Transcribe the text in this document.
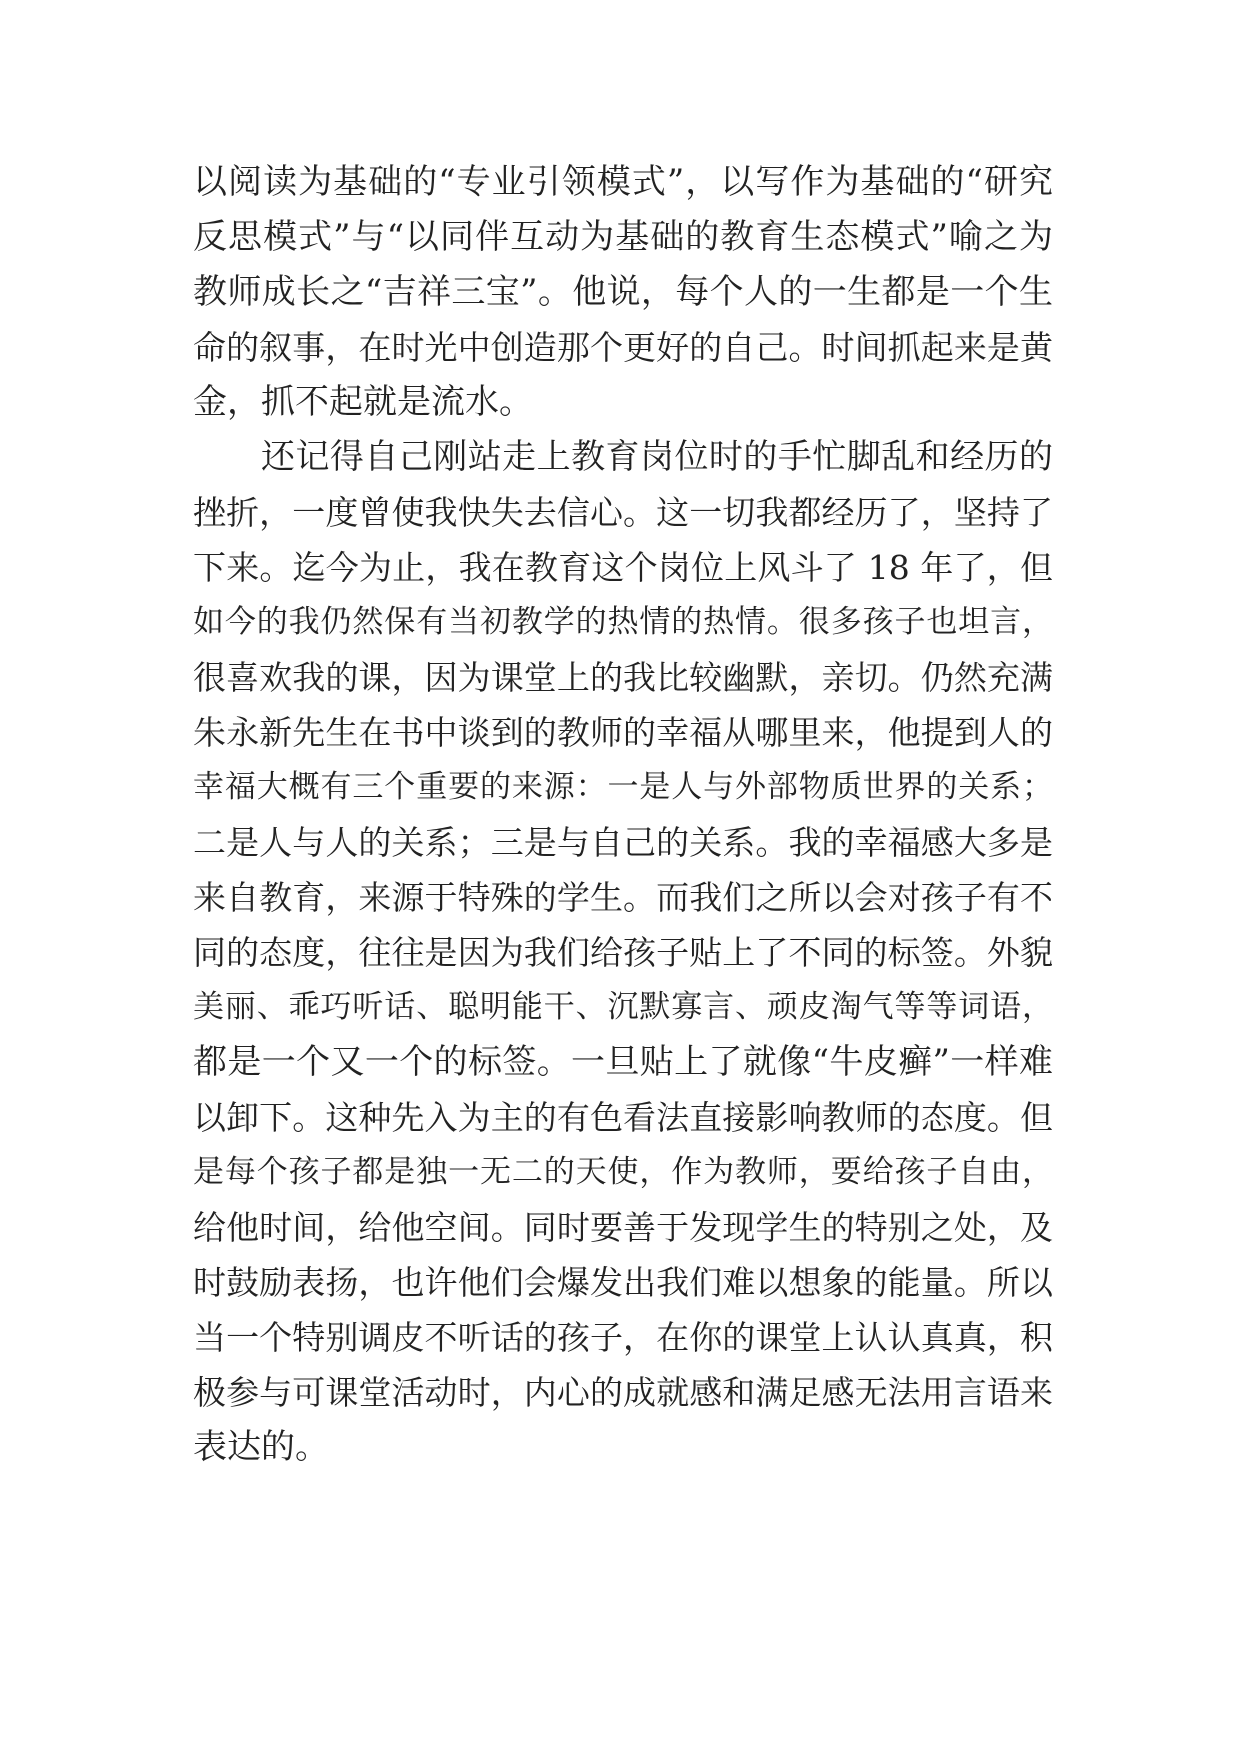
以阅读为基础的“专业引领模式”，以写作为基础的“研究
反思模式”与“以同伴互动为基础的教育生态模式”喻之为
教师成长之“吉祥三宝”。他说，每个人的一生都是一个生
命的叙事，在时光中创造那个更好的自己。时间抓起来是黄
金，抓不起就是流水。
还记得自己刚站走上教育岗位时的手忙脚乱和经历的
挫折，一度曾使我快失去信心。这一切我都经历了，坚持了
下来。迄今为止，我在教育这个岗位上风斗了 18 年了，但
如今的我仍然保有当初教学的热情的热情。很多孩子也坦言，
很喜欢我的课，因为课堂上的我比较幽默，亲切。仍然充满
朱永新先生在书中谈到的教师的幸福从哪里来，他提到人的
幸福大概有三个重要的来源：一是人与外部物质世界的关系；
二是人与人的关系；三是与自己的关系。我的幸福感大多是
来自教育，来源于特殊的学生。而我们之所以会对孩子有不
同的态度，往往是因为我们给孩子贴上了不同的标签。外貌
美丽、乖巧听话、聪明能干、沉默寡言、顽皮淘气等等词语，
都是一个又一个的标签。一旦贴上了就像“牛皮癣”一样难
以卸下。这种先入为主的有色看法直接影响教师的态度。但
是每个孩子都是独一无二的天使，作为教师，要给孩子自由，
给他时间，给他空间。同时要善于发现学生的特别之处，及
时鼓励表扬，也许他们会爆发出我们难以想象的能量。所以
当一个特别调皮不听话的孩子，在你的课堂上认认真真，积
极参与可课堂活动时，内心的成就感和满足感无法用言语来
表达的。
